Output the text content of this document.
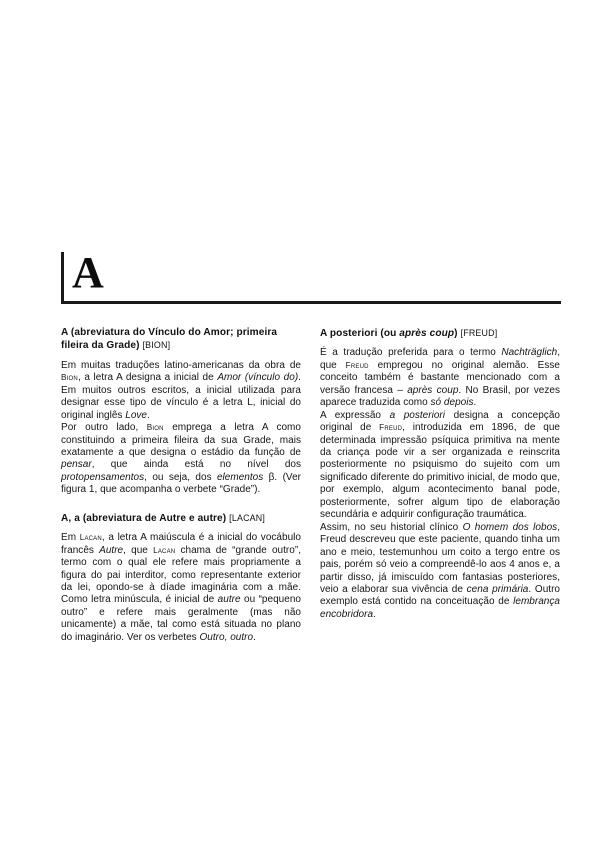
A
A (abreviatura do Vínculo do Amor; primeira fileira da Grade) [BION]

Em muitas traduções latino-americanas da obra de Bion, a letra A designa a inicial de Amor (vínculo do). Em muitos outros escritos, a inicial utilizada para designar esse tipo de vínculo é a letra L, inicial do original inglês Love.

Por outro lado, Bion emprega a letra A como constituindo a primeira fileira da sua Grade, mais exatamente a que designa o estádio da função de pensar, que ainda está no nível dos protopensamentos, ou seja, dos elementos β. (Ver figura 1, que acompanha o verbete “Grade”).

A, a (abreviatura de Autre e autre) [LACAN]

Em Lacan, a letra A maiúscula é a inicial do vocábulo francês Autre, que Lacan chama de “grande outro”, termo com o qual ele refere mais propriamente a figura do pai interditor, como representante exterior da lei, opondo-se à díade imaginária com a mãe. Como letra minúscula, é inicial de autre ou “pequeno outro” e refere mais geralmente (mas não unicamente) a mãe, tal como está situada no plano do imaginário. Ver os verbetes Outro, outro.

A posteriori (ou après coup) [FREUD]

É a tradução preferida para o termo Nachträglich, que Freud empregou no original alemão. Esse conceito também é bastante mencionado com a versão francesa – après coup. No Brasil, por vezes aparece traduzida como só depois.

A expressão a posteriori designa a concepção original de Freud, introduzida em 1896, de que determinada impressão psíquica primitiva na mente da criança pode vir a ser organizada e reinscrita posteriormente no psiquismo do sujeito com um significado diferente do primitivo inicial, de modo que, por exemplo, algum acontecimento banal pode, posteriormente, sofrer algum tipo de elaboração secundária e adquirir configuração traumática.

Assim, no seu historial clínico O homem dos lobos, Freud descreveu que este paciente, quando tinha um ano e meio, testemunhou um coito a tergo entre os pais, porém só veio a compreendê-lo aos 4 anos e, a partir disso, já imiscuído com fantasias posteriores, veio a elaborar sua vivência de cena primária. Outro exemplo está contido na conceituação de lembrança encobridora.
